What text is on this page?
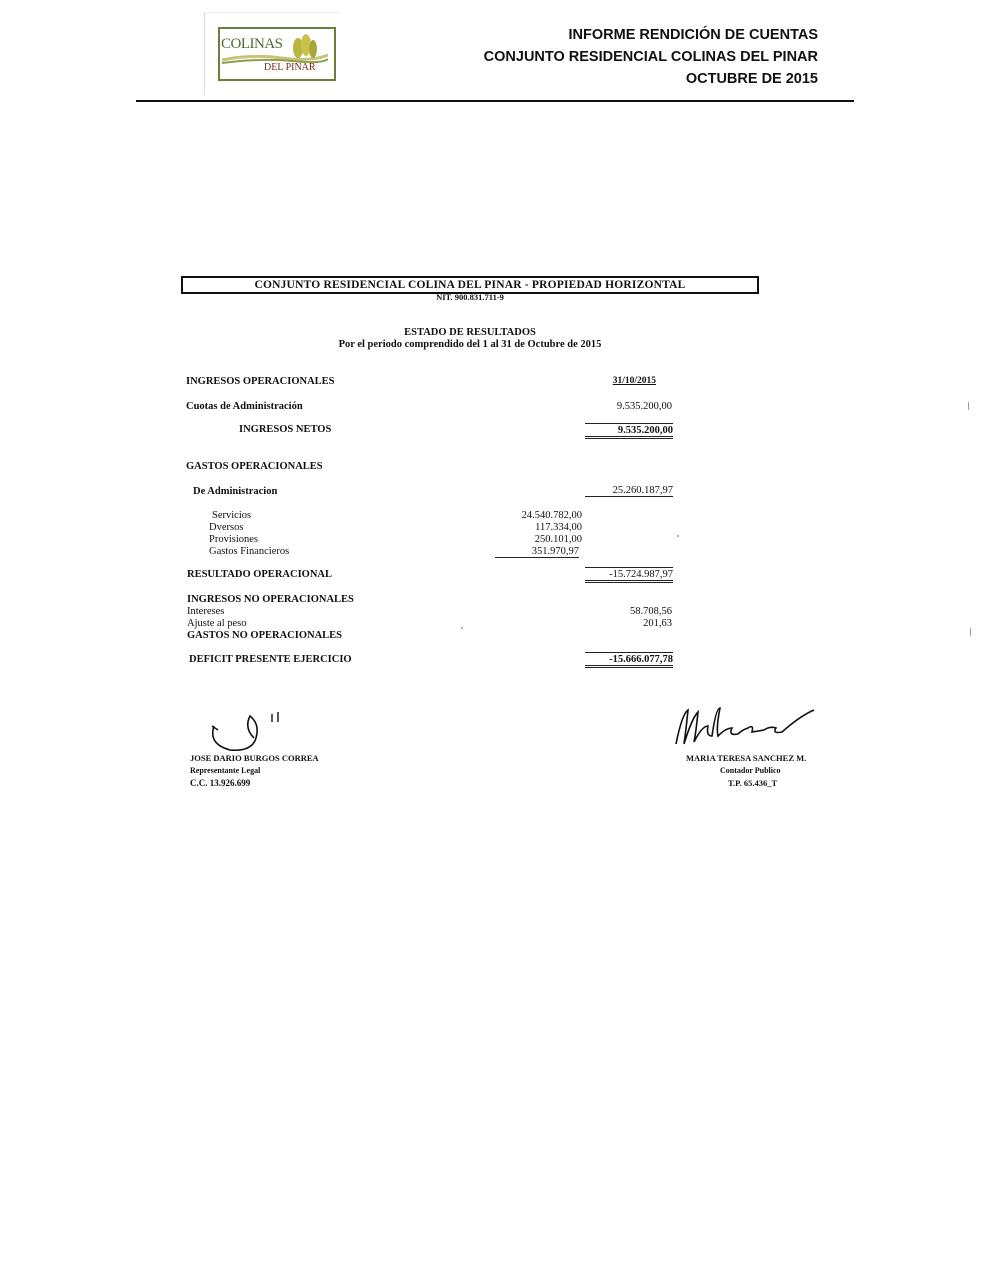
COLINAS
DEL PINAR
INFORME RENDICIÓN DE CUENTAS
CONJUNTO RESIDENCIAL COLINAS DEL PINAR
OCTUBRE DE 2015
CONJUNTO RESIDENCIAL COLINA DEL PINAR - PROPIEDAD HORIZONTAL
NIT. 900.831.711-9
ESTADO DE RESULTADOS
Por el periodo comprendido del 1 al 31 de Octubre de 2015
INGRESOS OPERACIONALES	31/10/2015
Cuotas de Administración	9.535.200,00
INGRESOS NETOS	9.535.200,00
GASTOS OPERACIONALES
De Administracion	25.260.187,97
Servicios	24.540.782,00
Dversos	117.334,00
Provisiones	250.101,00
Gastos Financieros	351.970,97
RESULTADO OPERACIONAL	-15.724.987,97
INGRESOS NO OPERACIONALES
Intereses	58.708,56
Ajuste al peso	201,63
GASTOS NO OPERACIONALES
DEFICIT PRESENTE EJERCICIO	-15.666.077,78
JOSE DARIO BURGOS CORREA
Representante Legal
C.C. 13.926.699
MARIA TERESA SANCHEZ M.
Contador Publico
T.P. 65.436_T
